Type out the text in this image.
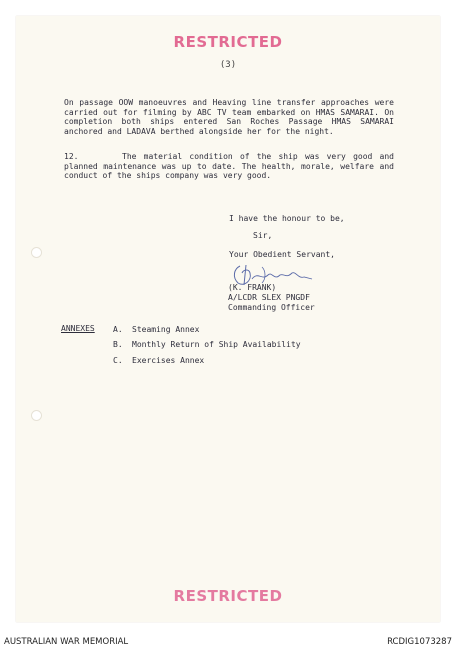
RESTRICTED
(3)
On passage OOW manoeuvres and Heaving line transfer approaches were carried out for filming by ABC TV team embarked on HMAS SAMARAI. On completion both ships entered San Roches Passage HMAS SAMARAI anchored and LADAVA berthed alongside her for the night.
12.	The material condition of the ship was very good and planned maintenance was up to date. The health, morale, welfare and conduct of the ships company was very good.
I have the honour to be,
Sir,
Your Obedient Servant,
(K. FRANK)
A/LCDR SLEX PNGDF
Commanding Officer
ANNEXES A. Steaming Annex
B. Monthly Return of Ship Availability
C. Exercises Annex
RESTRICTED
AUSTRALIAN WAR MEMORIAL	RCDIG1073287
